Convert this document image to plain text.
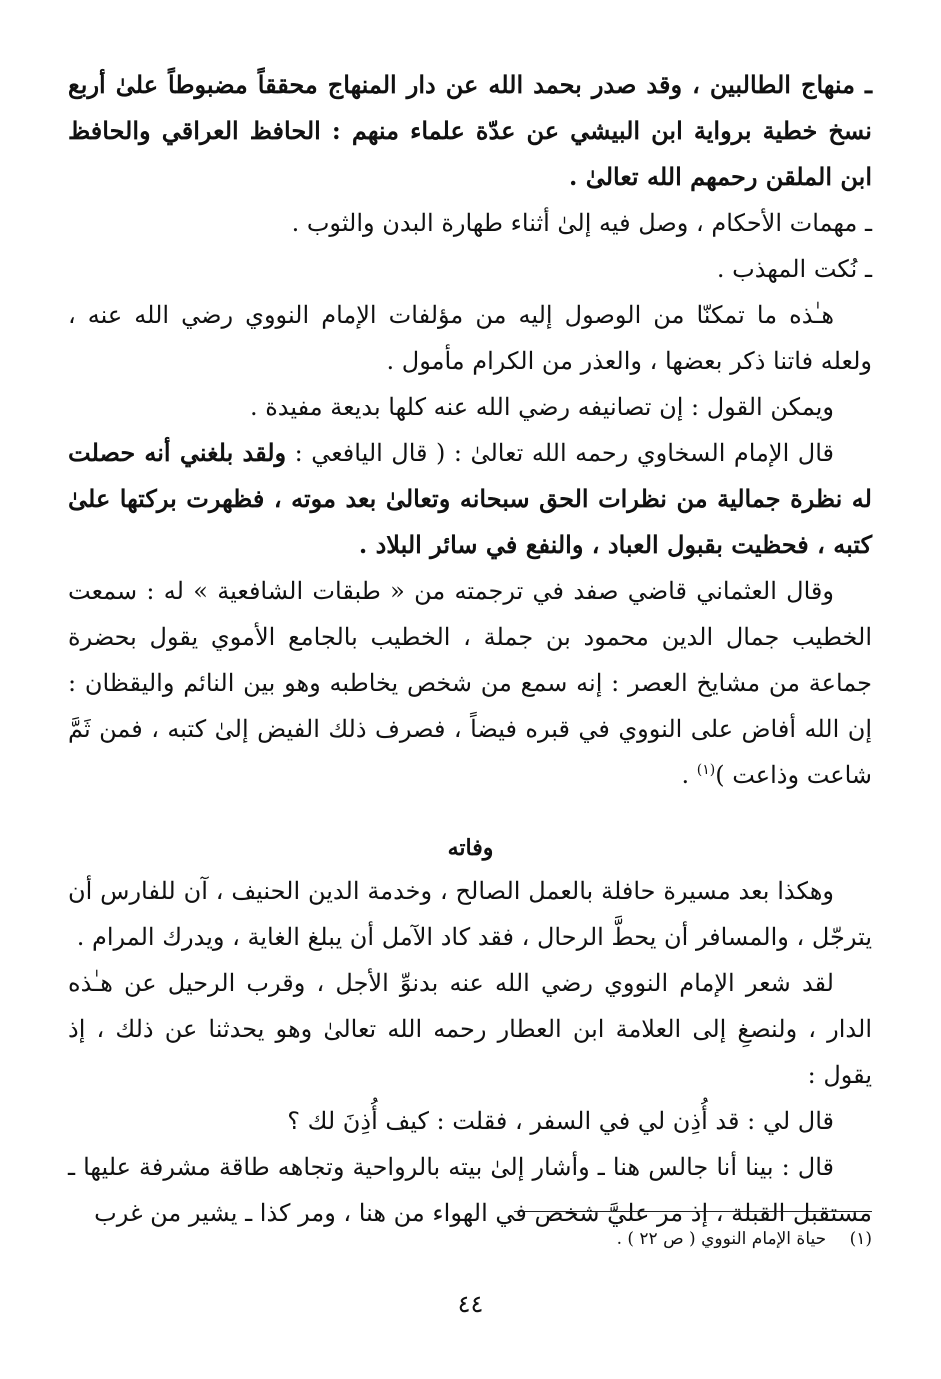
ـ منهاج الطالبين ، وقد صدر بحمد الله عن دار المنهاج محققاً مضبوطاً علىٰ أربع نسخ خطية برواية ابن البيشي عن عدّة علماء منهم : الحافظ العراقي والحافظ ابن الملقن رحمهم الله تعالىٰ .

ـ مهمات الأحكام ، وصل فيه إلىٰ أثناء طهارة البدن والثوب .

ـ نُكت المهذب .

هـٰذه ما تمكنّا من الوصول إليه من مؤلفات الإمام النووي رضي الله عنه ، ولعله فاتنا ذكر بعضها ، والعذر من الكرام مأمول .

ويمكن القول : إن تصانيفه رضي الله عنه كلها بديعة مفيدة .

قال الإمام السخاوي رحمه الله تعالىٰ : ( قال اليافعي : ولقد بلغني أنه حصلت له نظرة جمالية من نظرات الحق سبحانه وتعالىٰ بعد موته ، فظهرت بركتها علىٰ كتبه ، فحظيت بقبول العباد ، والنفع في سائر البلاد .

وقال العثماني قاضي صفد في ترجمته من « طبقات الشافعية » له : سمعت الخطيب جمال الدين محمود بن جملة ، الخطيب بالجامع الأموي يقول بحضرة جماعة من مشايخ العصر : إنه سمع من شخص يخاطبه وهو بين النائم واليقظان : إن الله أفاض على النووي في قبره فيضاً ، فصرف ذلك الفيض إلىٰ كتبه ، فمن ثَمَّ شاعت وذاعت )$^{(١)}$ .

وفاته

وهكذا بعد مسيرة حافلة بالعمل الصالح ، وخدمة الدين الحنيف ، آن للفارس أن يترجّل ، والمسافر أن يحطَّ الرحال ، فقد كاد الآمل أن يبلغ الغاية ، ويدرك المرام .

لقد شعر الإمام النووي رضي الله عنه بدنوِّ الأجل ، وقرب الرحيل عن هـٰذه الدار ، ولنصغِ إلى العلامة ابن العطار رحمه الله تعالىٰ وهو يحدثنا عن ذلك ، إذ يقول :

قال لي : قد أُذِن لي في السفر ، فقلت : كيف أُذِنَ لك ؟

قال : بينا أنا جالس هنا ـ وأشار إلىٰ بيته بالرواحية وتجاهه طاقة مشرفة عليها ـ مستقبل القبلة ، إذ مر عليَّ شخص في الهواء من هنا ، ومر كذا ـ يشير من غرب

(١) حياة الإمام النووي ( ص ٢٢ ) .
٤٤
